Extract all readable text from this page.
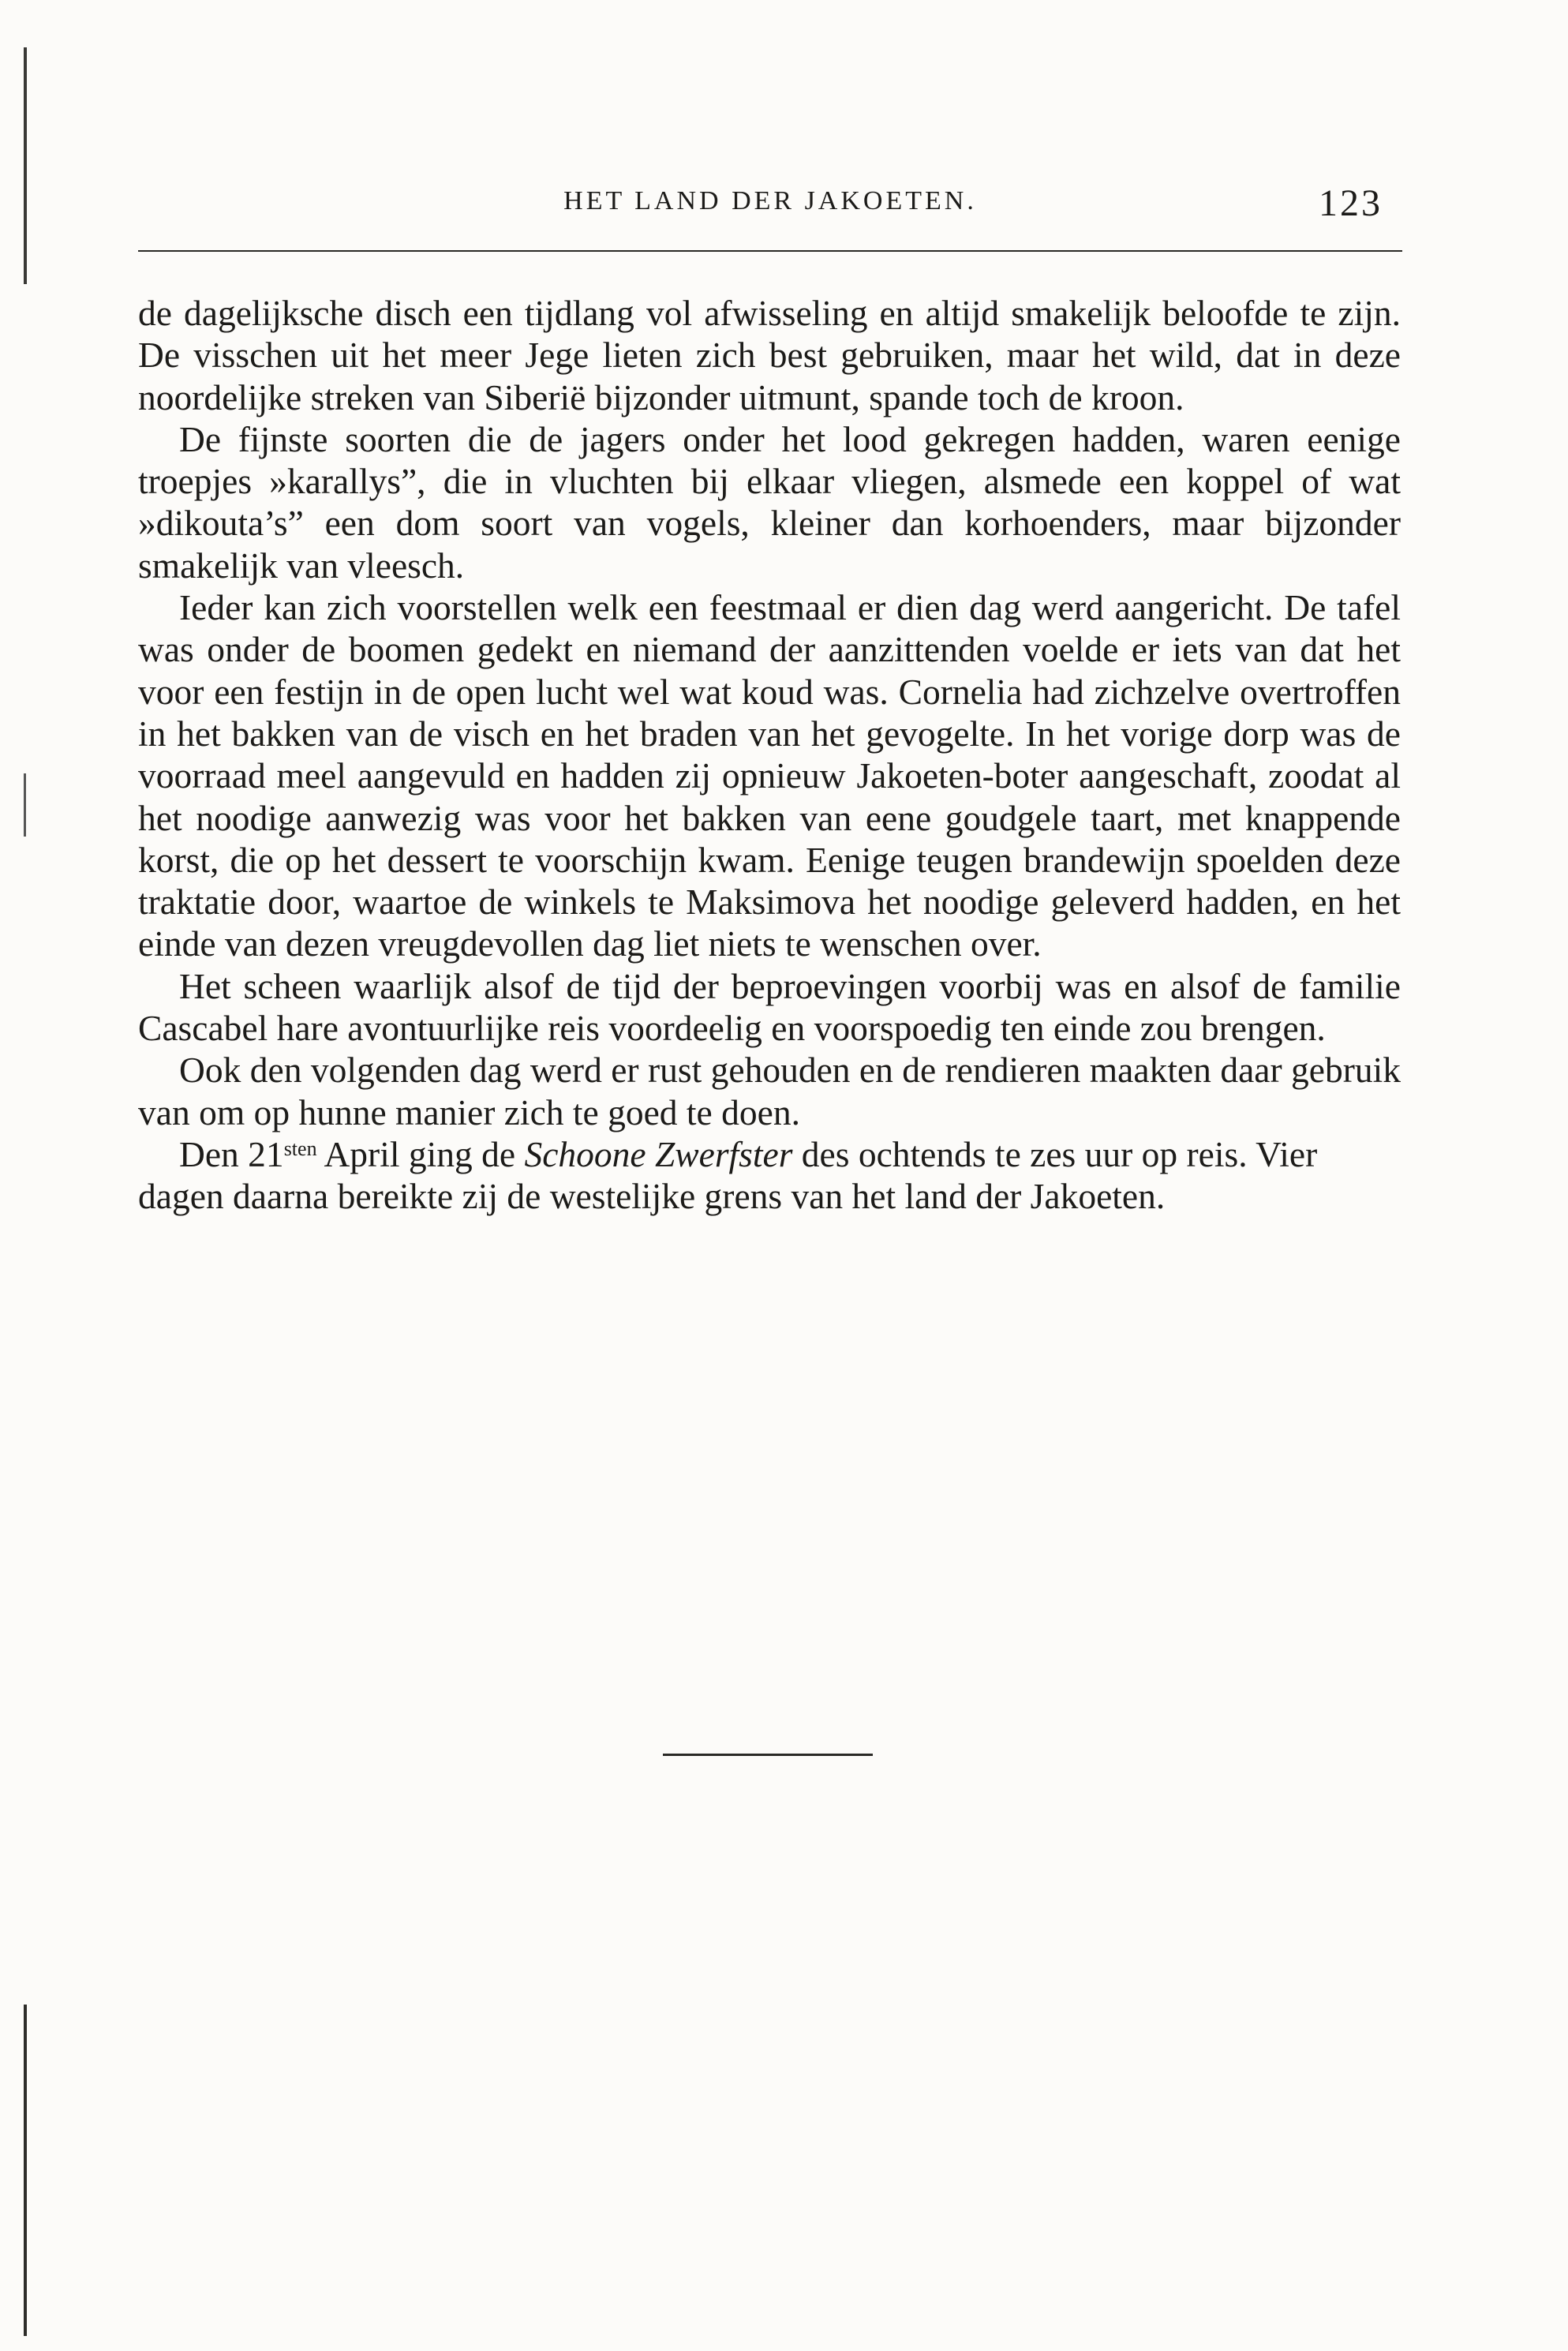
HET LAND DER JAKOETEN.	123

de dagelijksche disch een tijdlang vol afwisseling en altijd smakelijk beloofde te zijn. De visschen uit het meer Jege lieten zich best gebruiken, maar het wild, dat in deze noordelijke streken van Siberië bijzonder uitmunt, spande toch de kroon.

De fijnste soorten die de jagers onder het lood gekregen hadden, waren eenige troepjes »karallys”, die in vluchten bij elkaar vliegen, alsmede een koppel of wat »dikouta’s” een dom soort van vogels, kleiner dan korhoenders, maar bijzonder smakelijk van vleesch.

Ieder kan zich voorstellen welk een feestmaal er dien dag werd aangericht. De tafel was onder de boomen gedekt en niemand der aanzittenden voelde er iets van dat het voor een festijn in de open lucht wel wat koud was. Cornelia had zichzelve overtroffen in het bakken van de visch en het braden van het gevogelte. In het vorige dorp was de voorraad meel aangevuld en hadden zij opnieuw Jakoeten-boter aangeschaft, zoodat al het noodige aanwezig was voor het bakken van eene goudgele taart, met knappende korst, die op het dessert te voorschijn kwam. Eenige teugen brandewijn spoelden deze traktatie door, waartoe de winkels te Maksimova het noodige geleverd hadden, en het einde van dezen vreugdevollen dag liet niets te wenschen over.

Het scheen waarlijk alsof de tijd der beproevingen voorbij was en alsof de familie Cascabel hare avontuurlijke reis voordeelig en voorspoedig ten einde zou brengen.

Ook den volgenden dag werd er rust gehouden en de rendieren maakten daar gebruik van om op hunne manier zich te goed te doen.

Den $21^{sten}$ April ging de Schoone Zwerfster des ochtends te zes uur op reis. Vier dagen daarna bereikte zij de westelijke grens van het land der Jakoeten.
